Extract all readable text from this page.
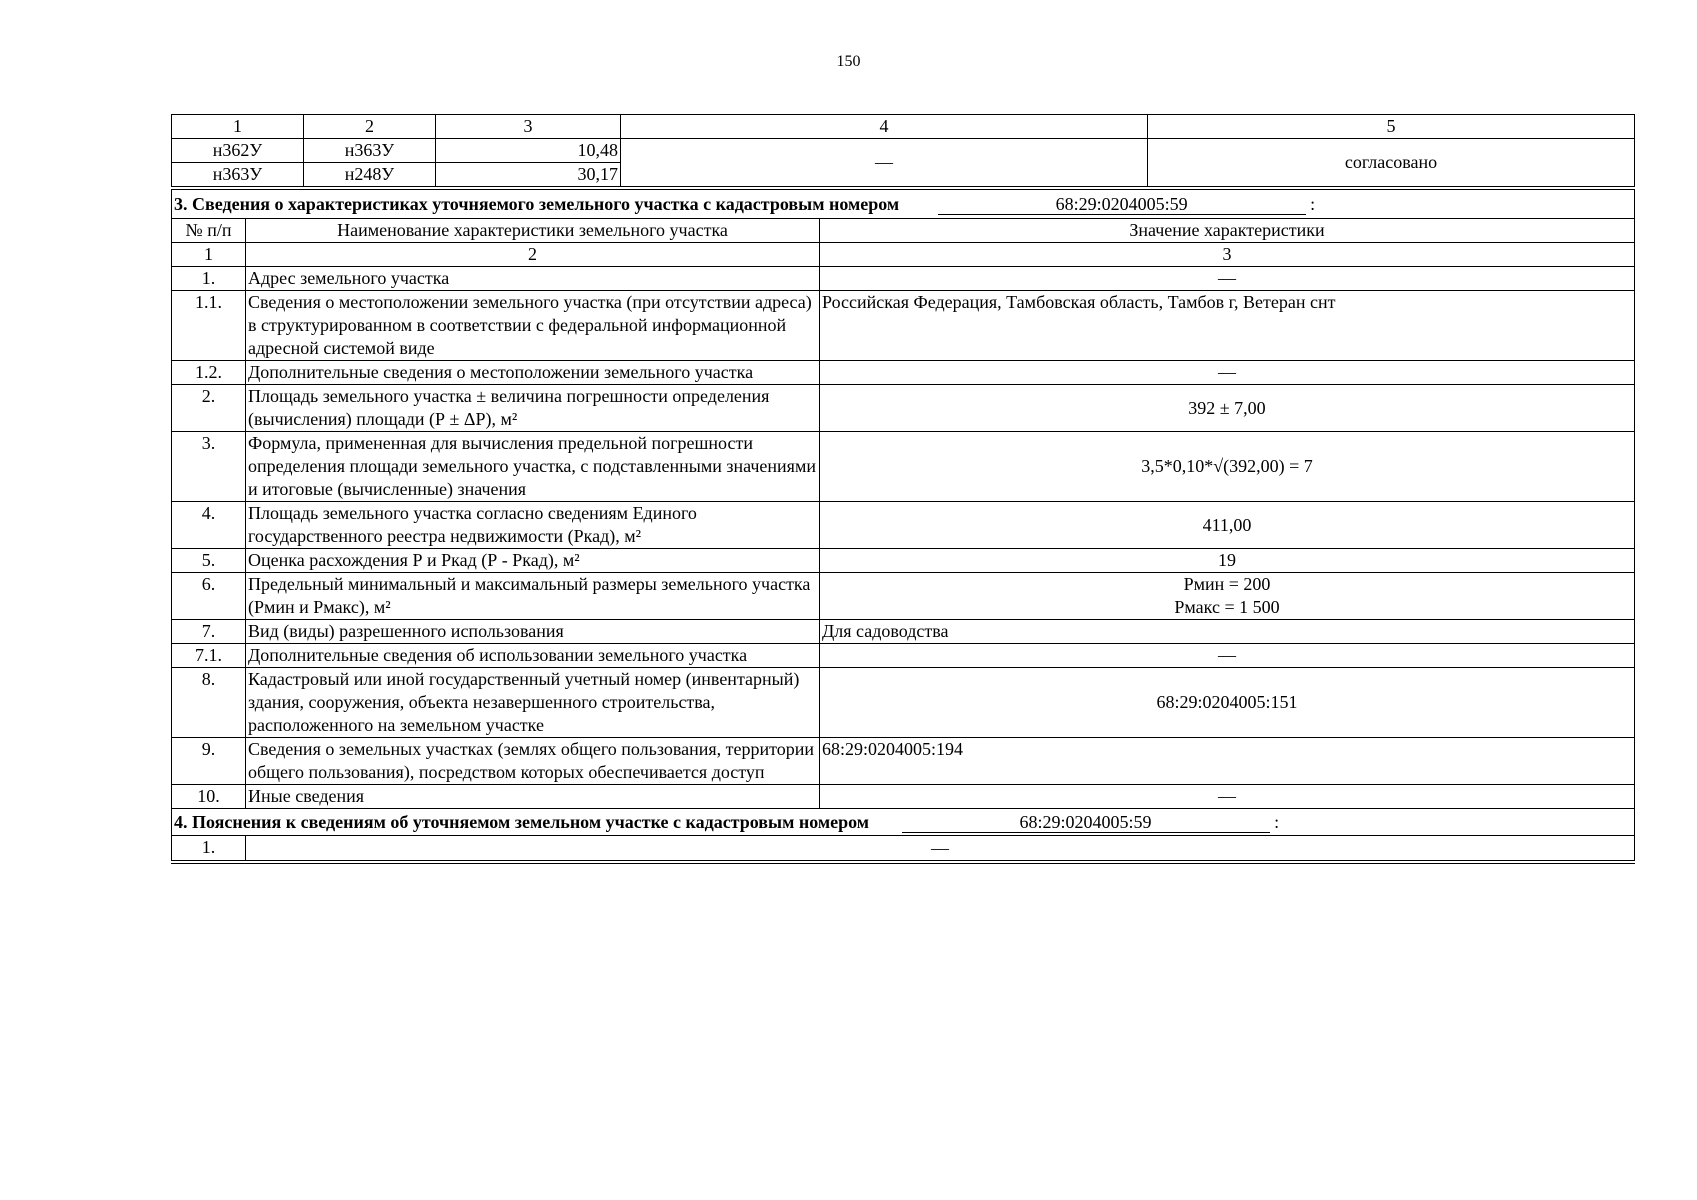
150
1	2	3	4	5
н362У	н363У	10,48	—	согласовано
н363У	н248У	30,17		
3. Сведения о характеристиках уточняемого земельного участка с кадастровым номером 68:29:0204005:59 :		
№ п/п	Наименование характеристики земельного участка	Значение характеристики
1	2	3
1.	Адрес земельного участка	—
1.1.	Сведения о местоположении земельного участка (при отсутствии адреса) в структурированном в соответствии с федеральной информационной адресной системой виде	Российская Федерация, Тамбовская область, Тамбов г, Ветеран снт
1.2.	Дополнительные сведения о местоположении земельного участка	—
2.	Площадь земельного участка ± величина погрешности определения (вычисления) площади (Р ± ΔР), м²	392 ± 7,00
3.	Формула, примененная для вычисления предельной погрешности определения площади земельного участка, с подставленными значениями и итоговые (вычисленные) значения	3,5*0,10*√(392,00) = 7
4.	Площадь земельного участка согласно сведениям Единого государственного реестра недвижимости (Ркад), м²	411,00
5.	Оценка расхождения Р и Ркад (Р - Ркад), м²	19
6.	Предельный минимальный и максимальный размеры земельного участка (Рмин и Рмакс), м²	Рмин = 200
Рмакс = 1 500

7.	Вид (виды) разрешенного использования	Для садоводства
7.1.	Дополнительные сведения об использовании земельного участка	—
8.	Кадастровый или иной государственный учетный номер (инвентарный) здания, сооружения, объекта незавершенного строительства, расположенного на земельном участке	68:29:0204005:151
9.	Сведения о земельных участках (землях общего пользования, территории общего пользования), посредством которых обеспечивается доступ	68:29:0204005:194
10.	Иные сведения	—
4. Пояснения к сведениям об уточняемом земельном участке с кадастровым номером 68:29:0204005:59 :		
1.	—	
